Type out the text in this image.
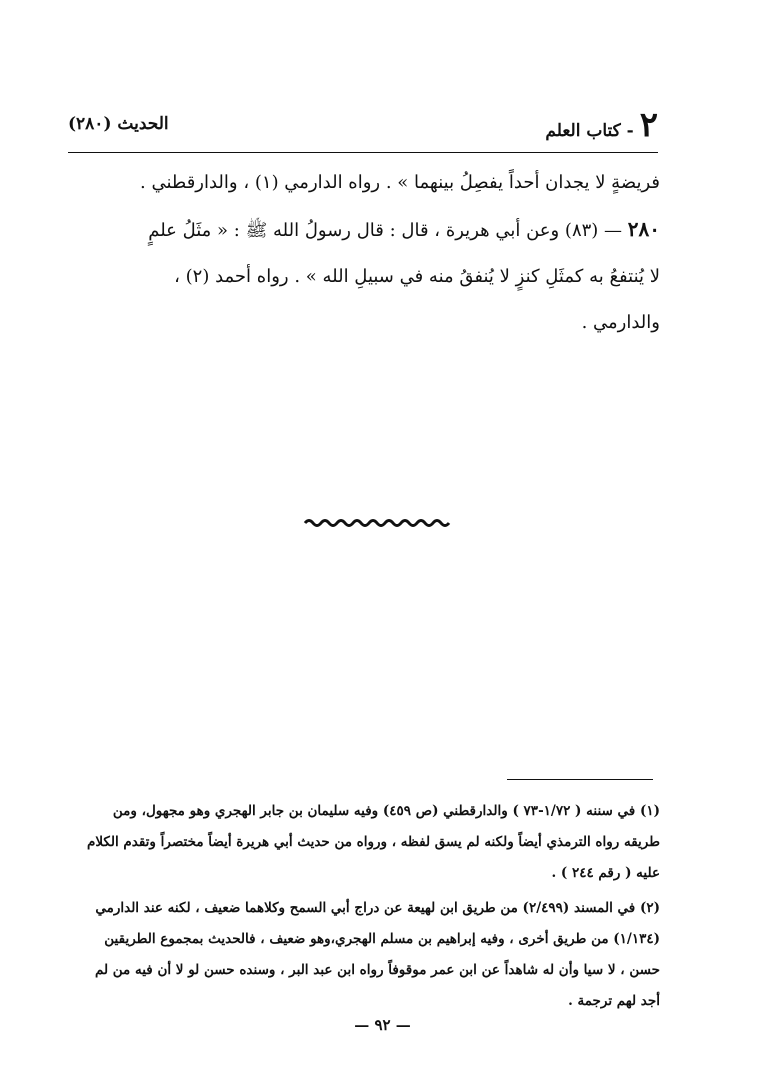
٢
- كتاب العلم
الحديث (٢٨٠)

فريضةٍ لا يجدان أحداً يفصِلُ بينهما » . رواه الدارمي (١) ، والدارقطني .

٢٨٠ — (٨٣) وعن أبي هريرة ، قال : قال رسولُ الله ﷺ : « مثَلُ علمٍ لا يُنتفعُ به كمثَلِ كنزٍ لا يُنفقُ منه في سبيلِ الله » . رواه أحمد (٢) ، والدارمي .

(١) في سننه ( ١/٧٢-٧٣ ) والدارقطني (ص ٤٥٩) وفيه سليمان بن جابر الهجري وهو مجهول، ومن طريقه رواه الترمذي أيضاً ولكنه لم يسق لفظه ، ورواه من حديث أبي هريرة أيضاً مختصراً وتقدم الكلام عليه ( رقم ٢٤٤ ) .

(٢) في المسند (٢/٤٩٩) من طريق ابن لهيعة عن دراج أبي السمح وكلاهما ضعيف ، لكنه عند الدارمي (١/١٣٤) من طريق أخرى ، وفيه إبراهيم بن مسلم الهجري،وهو ضعيف ، فالحديث بمجموع الطريقين حسن ، لا سيا وأن له شاهداً عن ابن عمر موقوفاً رواه ابن عبد البر ، وسنده حسن لو لا أن فيه من لم أجد لهم ترجمة .

— ٩٢ —
